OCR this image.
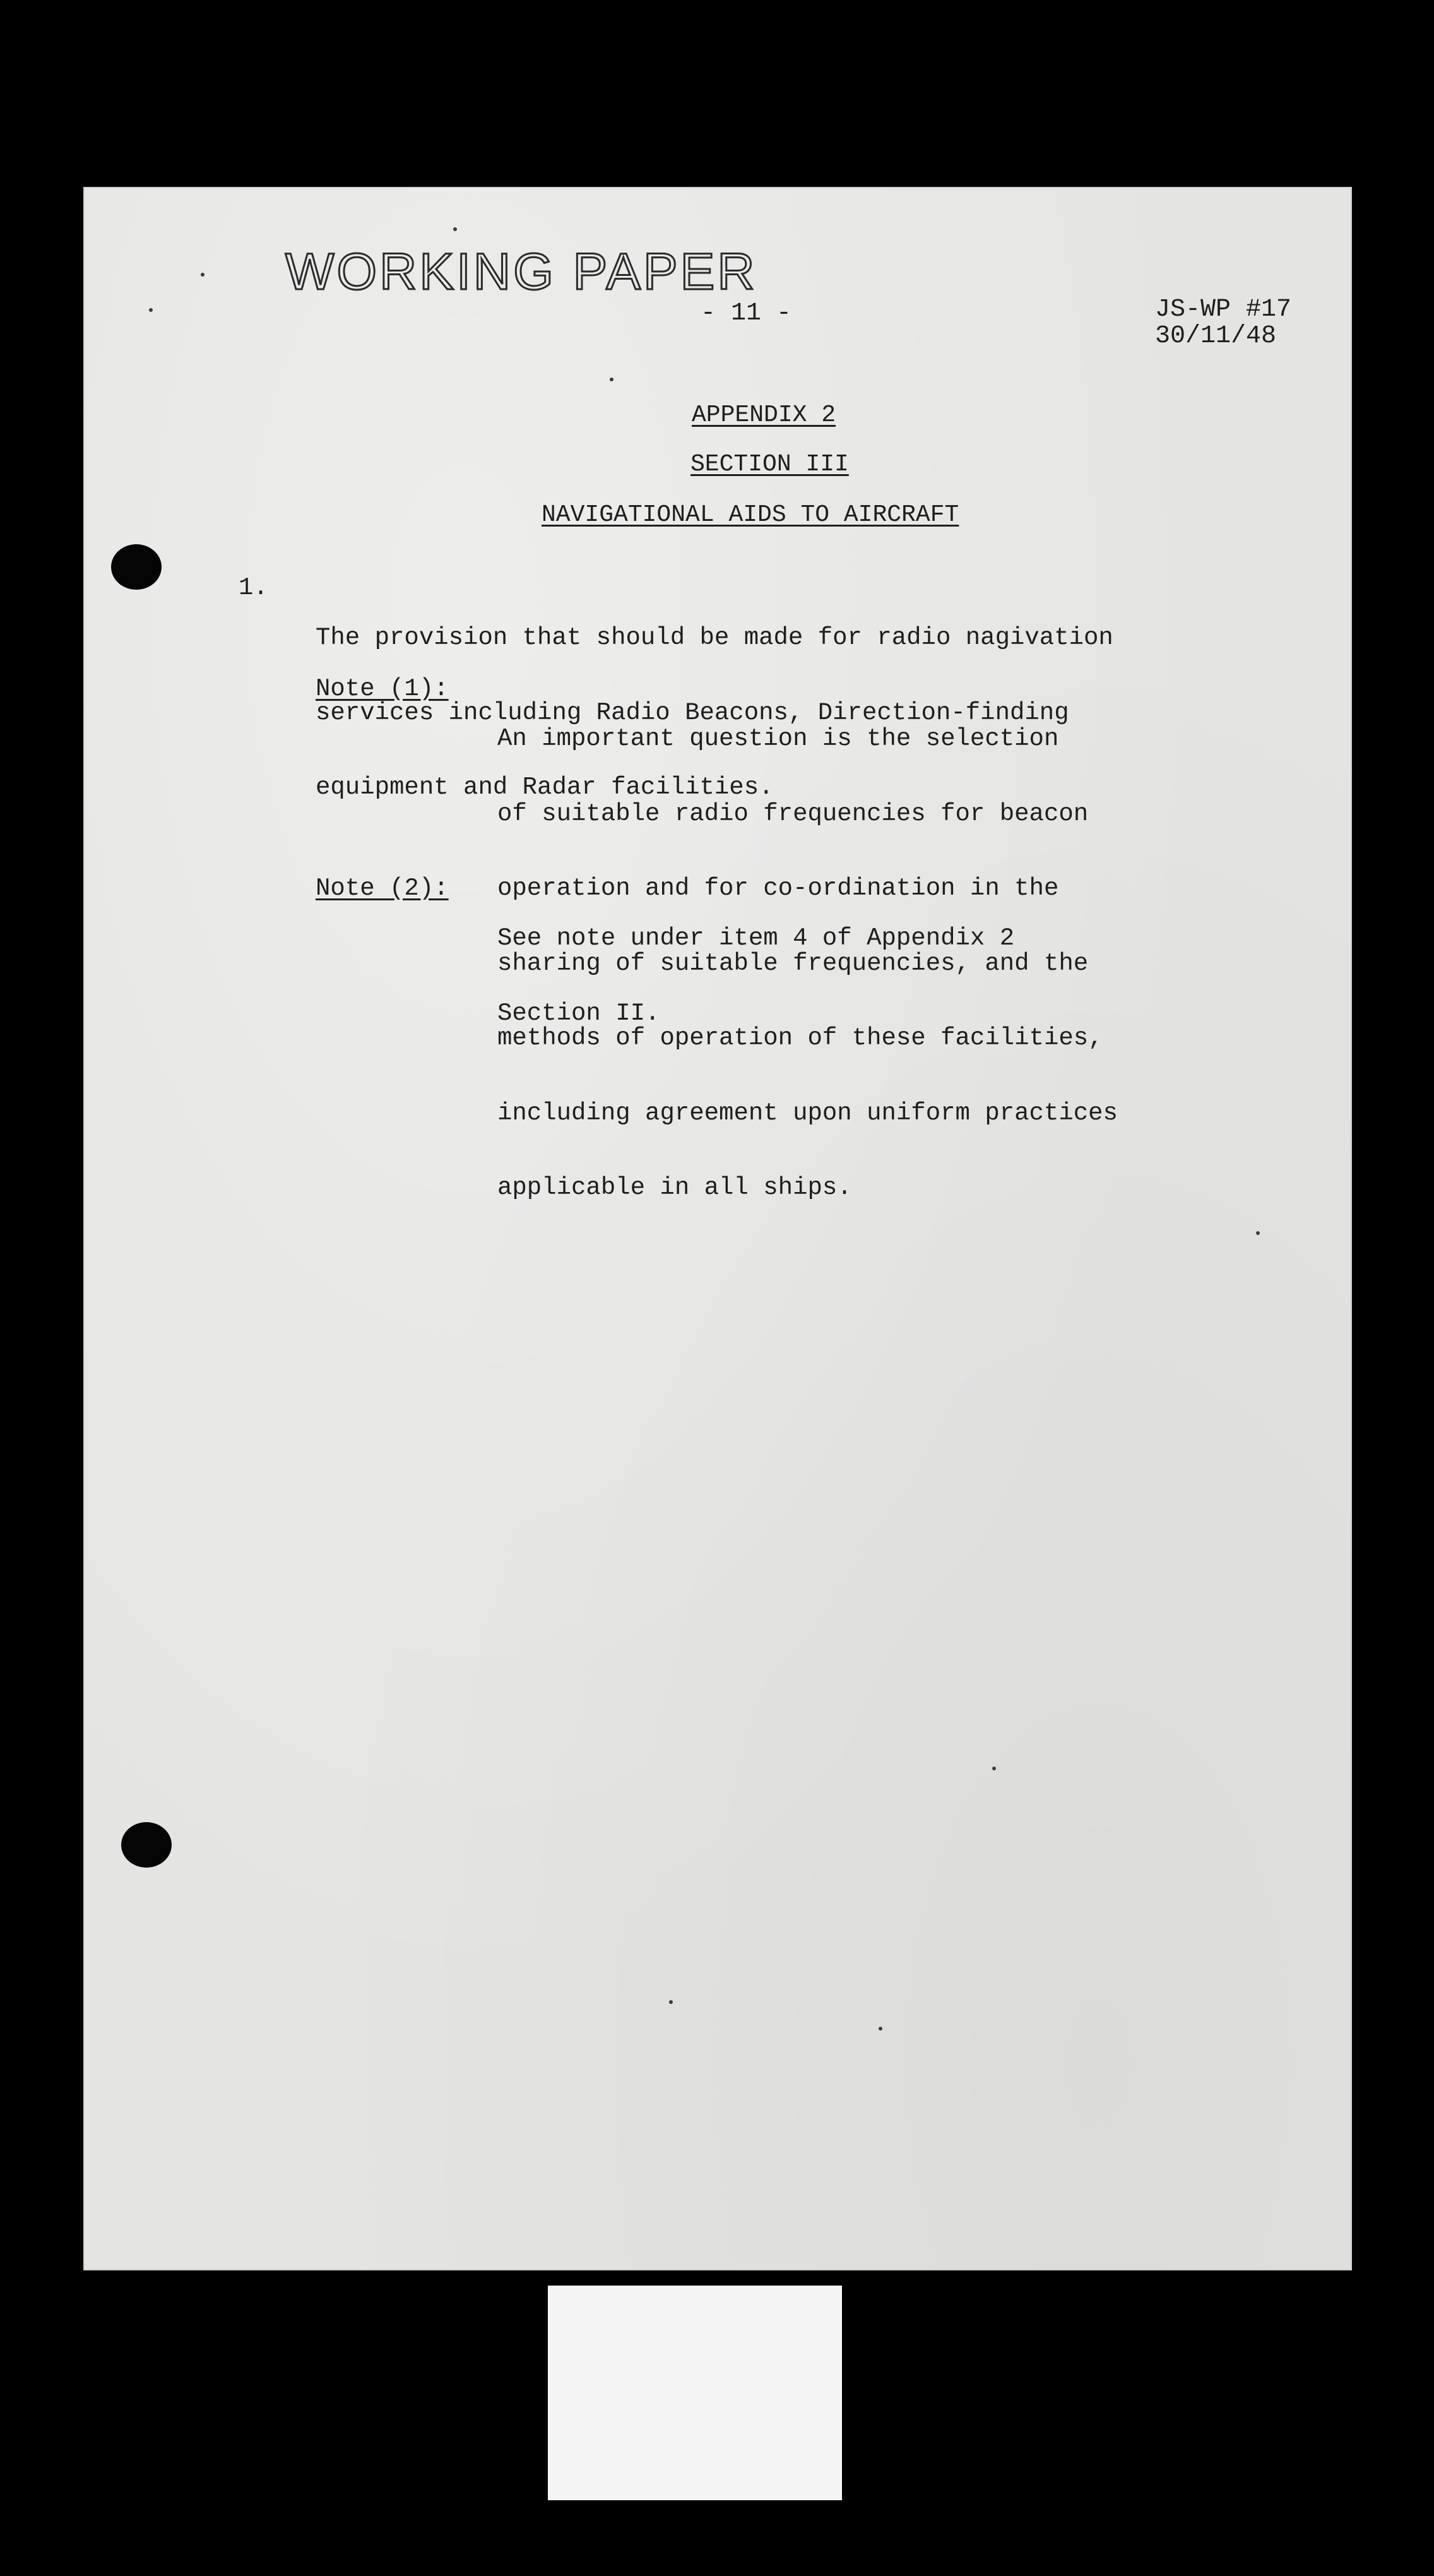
WORKING PAPER
- 11 -	JS-WP #17
30/11/48
APPENDIX 2
SECTION III
NAVIGATIONAL AIDS TO AIRCRAFT
1.

The provision that should be made for radio nagivation

services including Radio Beacons, Direction-finding

equipment and Radar facilities.

Note (1):

An important question is the selection

of suitable radio frequencies for beacon

operation and for co-ordination in the

sharing of suitable frequencies, and the

methods of operation of these facilities,

including agreement upon uniform practices

applicable in all ships.

Note (2):

See note under item 4 of Appendix 2

Section II.
